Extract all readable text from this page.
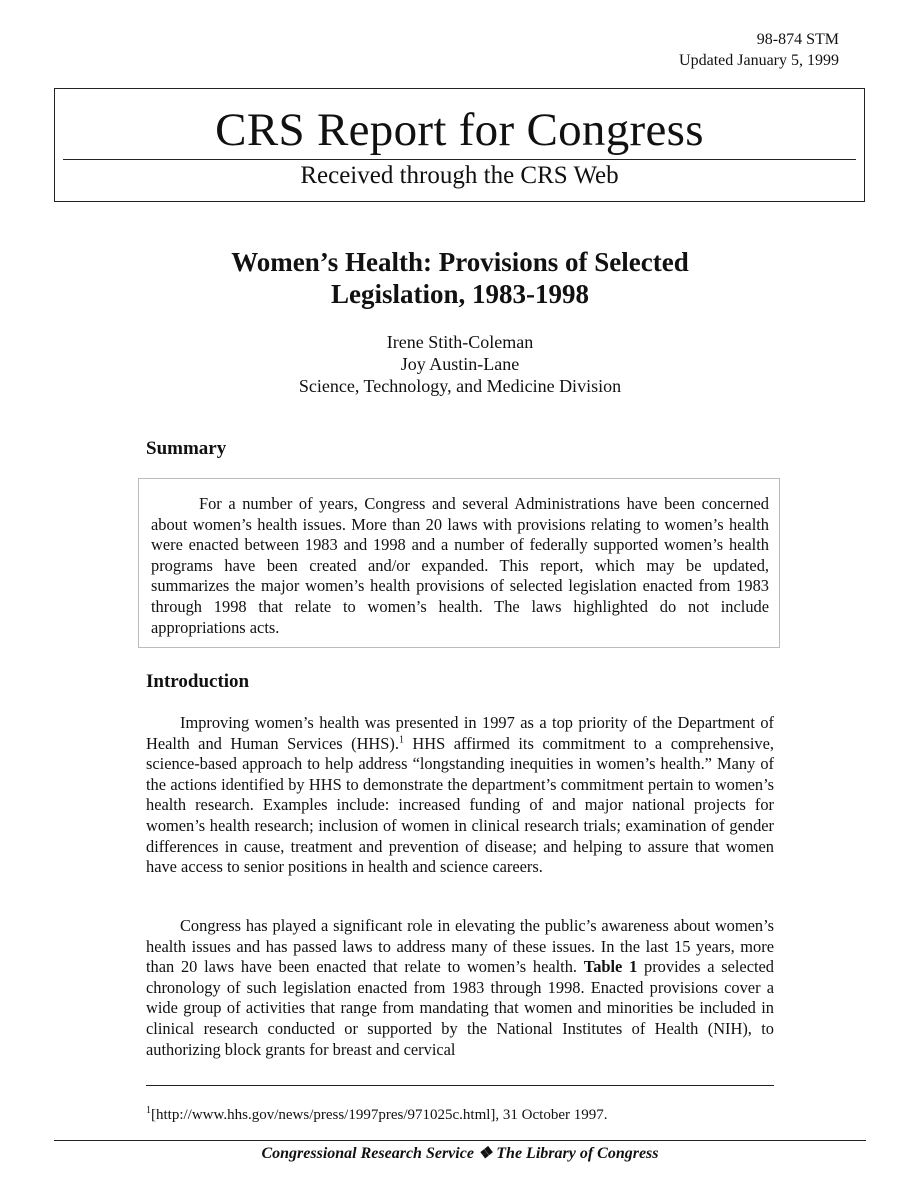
98-874 STM
Updated January 5, 1999
CRS Report for Congress
Received through the CRS Web
Women’s Health: Provisions of Selected
Legislation, 1983-1998
Irene Stith-Coleman
Joy Austin-Lane
Science, Technology, and Medicine Division
Summary
For a number of years, Congress and several Administrations have been concerned about women’s health issues. More than 20 laws with provisions relating to women’s health were enacted between 1983 and 1998 and a number of federally supported women’s health programs have been created and/or expanded. This report, which may be updated, summarizes the major women’s health provisions of selected legislation enacted from 1983 through 1998 that relate to women’s health. The laws highlighted do not include appropriations acts.
Introduction
Improving women’s health was presented in 1997 as a top priority of the Department of Health and Human Services (HHS).$^1$ HHS affirmed its commitment to a comprehensive, science-based approach to help address “longstanding inequities in women’s health.” Many of the actions identified by HHS to demonstrate the department’s commitment pertain to women’s health research. Examples include: increased funding of and major national projects for women’s health research; inclusion of women in clinical research trials; examination of gender differences in cause, treatment and prevention of disease; and helping to assure that women have access to senior positions in health and science careers.
Congress has played a significant role in elevating the public’s awareness about women’s health issues and has passed laws to address many of these issues. In the last 15 years, more than 20 laws have been enacted that relate to women’s health. Table 1 provides a selected chronology of such legislation enacted from 1983 through 1998. Enacted provisions cover a wide group of activities that range from mandating that women and minorities be included in clinical research conducted or supported by the National Institutes of Health (NIH), to authorizing block grants for breast and cervical
$^1$[http://www.hhs.gov/news/press/1997pres/971025c.html], 31 October 1997.
Congressional Research Service ❖ The Library of Congress
